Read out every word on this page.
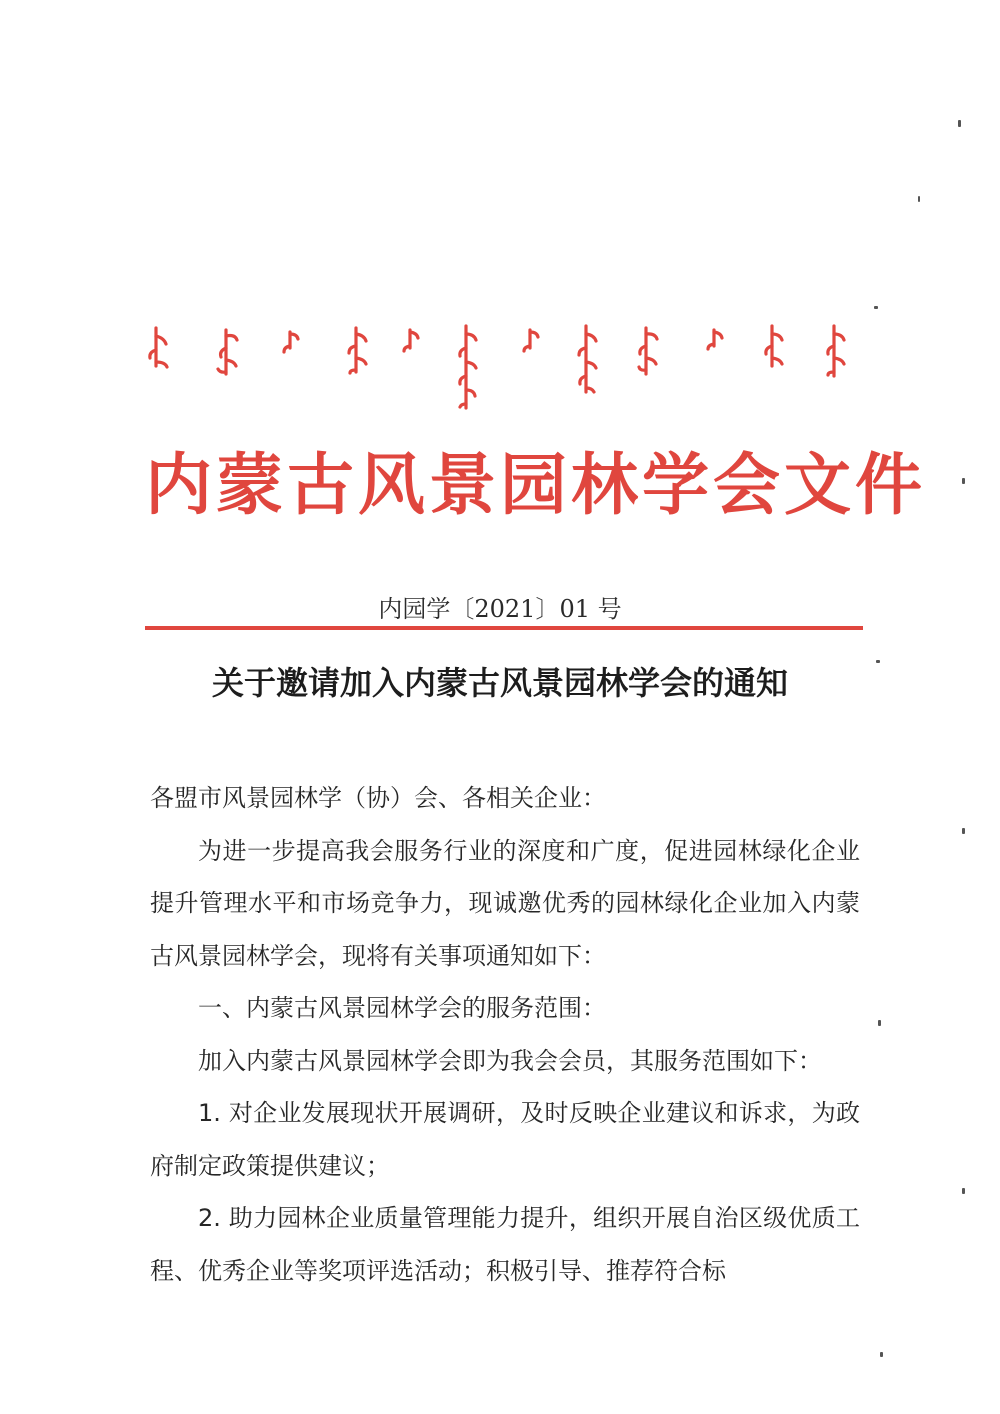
内蒙古风景园林学会文件
内园学〔2021〕01 号
关于邀请加入内蒙古风景园林学会的通知

各盟市风景园林学（协）会、各相关企业：

为进一步提高我会服务行业的深度和广度，促进园林绿化企业提升管理水平和市场竞争力，现诚邀优秀的园林绿化企业加入内蒙古风景园林学会，现将有关事项通知如下：

一、内蒙古风景园林学会的服务范围：

加入内蒙古风景园林学会即为我会会员，其服务范围如下：

1. 对企业发展现状开展调研，及时反映企业建议和诉求，为政府制定政策提供建议；

2. 助力园林企业质量管理能力提升，组织开展自治区级优质工程、优秀企业等奖项评选活动；积极引导、推荐符合标
